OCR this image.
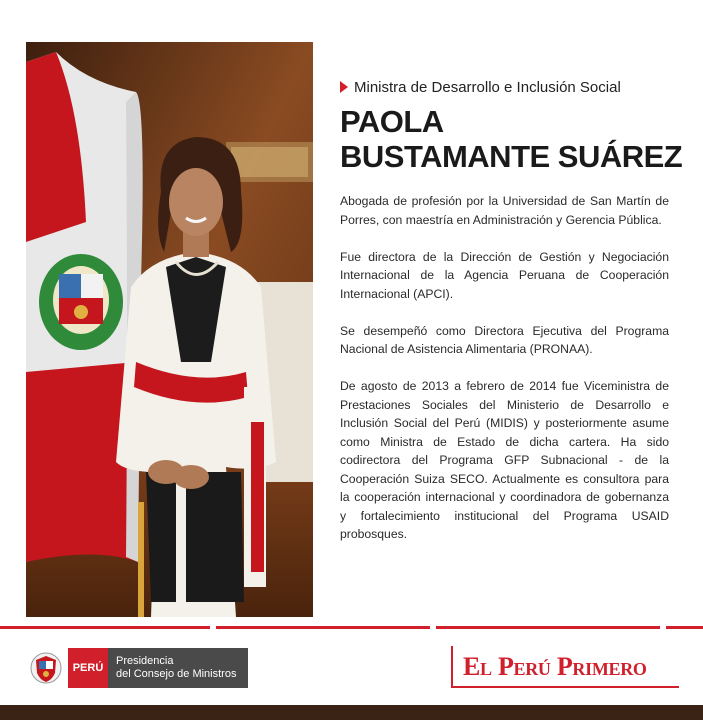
Ministra de Desarrollo e Inclusión Social
PAOLA
BUSTAMANTE SUÁREZ

Abogada de profesión por la Universidad de San Martín de Porres, con maestría en Administración y Gerencia Pública.

Fue directora de la Dirección de Gestión y Negociación Internacional de la Agencia Peruana de Cooperación Internacional (APCI).

Se desempeñó como Directora Ejecutiva del Programa Nacional de Asistencia Alimentaria (PRONAA).

De agosto de 2013 a febrero de 2014 fue Viceministra de Prestaciones Sociales del Ministerio de Desarrollo e Inclusión Social del Perú (MIDIS) y posteriormente asume como Ministra de Estado de dicha cartera. Ha sido codirectora del Programa GFP Subnacional - de la Cooperación Suiza SECO. Actualmente es consultora para la cooperación internacional y coordinadora de gobernanza y fortalecimiento institucional del Programa USAID probosques.

PERÚ
Presidencia
del Consejo de Ministros	El Perú Primero
